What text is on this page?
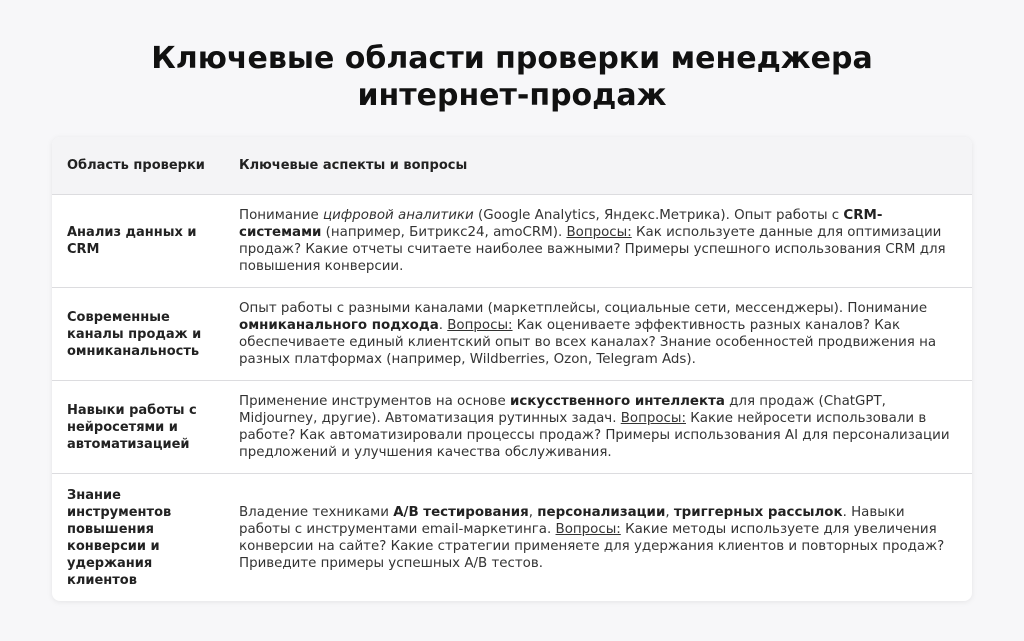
Ключевые области проверки менеджера
интернет-продаж
Область проверки	Ключевые аспекты и вопросы
Анализ данных и CRM
Понимание цифровой аналитики (Google Analytics, Яндекс.Метрика). Опыт работы с CRM-системами (например, Битрикс24, amoCRM). Вопросы: Как используете данные для оптимизации продаж? Какие отчеты считаете наиболее важными? Примеры успешного использования CRM для повышения конверсии.
Современные каналы продаж и омниканальность
Опыт работы с разными каналами (маркетплейсы, социальные сети, мессенджеры). Понимание омниканального подхода. Вопросы: Как оцениваете эффективность разных каналов? Как обеспечиваете единый клиентский опыт во всех каналах? Знание особенностей продвижения на разных платформах (например, Wildberries, Ozon, Telegram Ads).
Навыки работы с нейросетями и автоматизацией
Применение инструментов на основе искусственного интеллекта для продаж (ChatGPT, Midjourney, другие). Автоматизация рутинных задач. Вопросы: Какие нейросети использовали в работе? Как автоматизировали процессы продаж? Примеры использования AI для персонализации предложений и улучшения качества обслуживания.
Знание инструментов повышения конверсии и удержания клиентов
Владение техниками A/B тестирования, персонализации, триггерных рассылок. Навыки работы с инструментами email-маркетинга. Вопросы: Какие методы используете для увеличения конверсии на сайте? Какие стратегии применяете для удержания клиентов и повторных продаж? Приведите примеры успешных A/B тестов.
